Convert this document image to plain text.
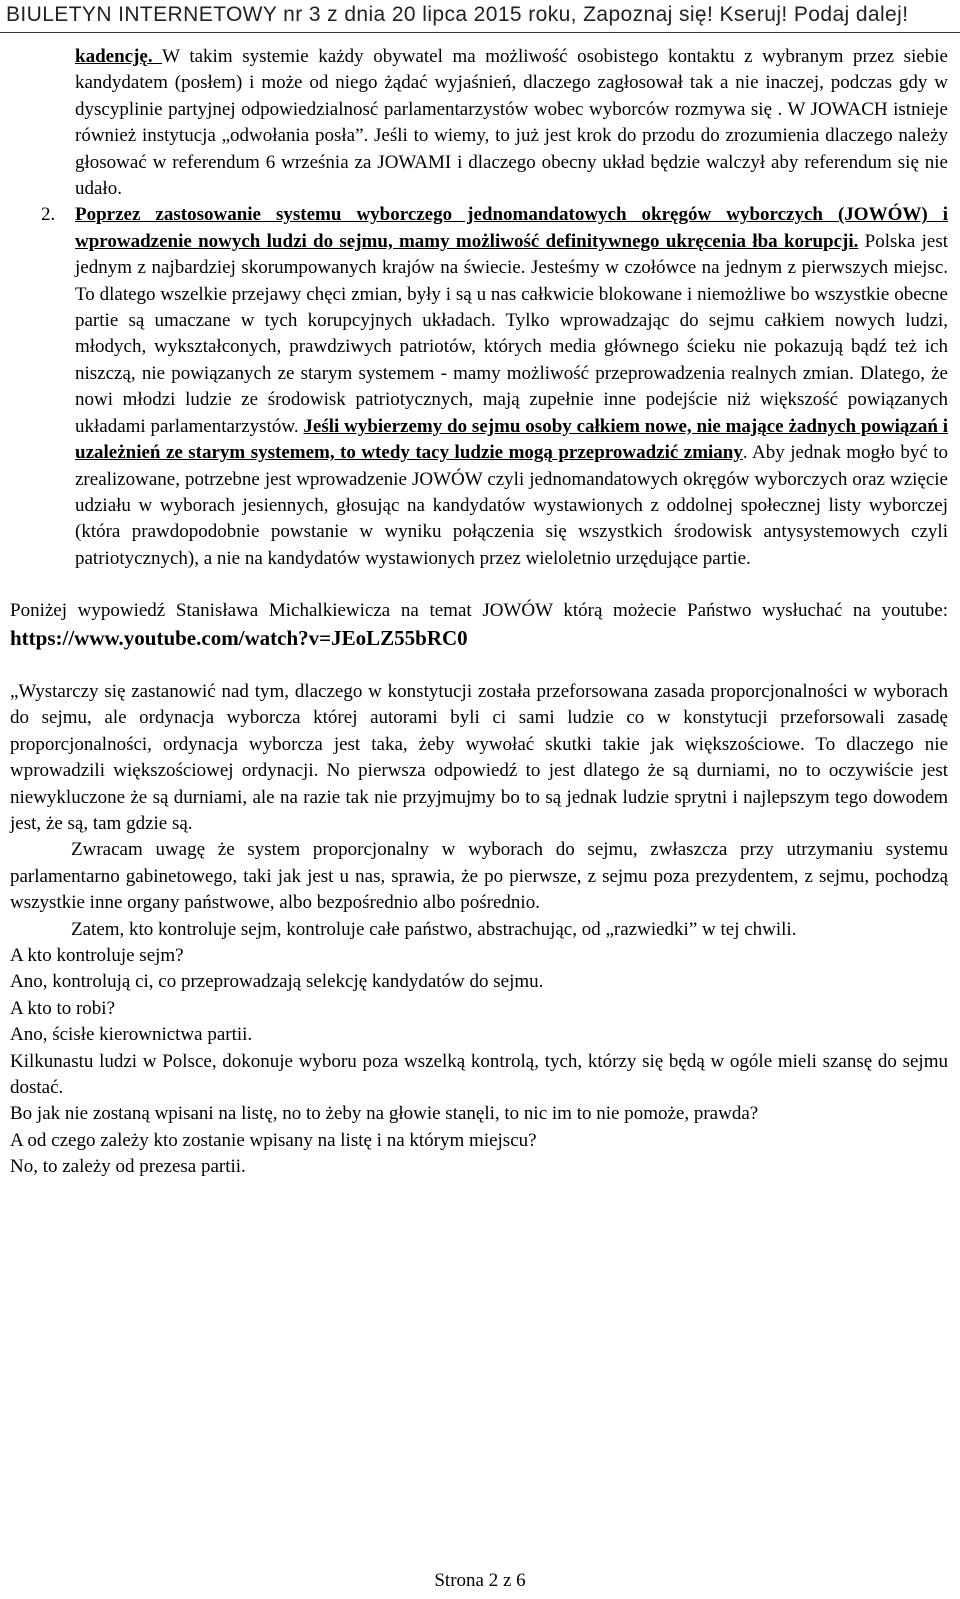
BIULETYN INTERNETOWY nr 3 z dnia 20 lipca 2015 roku, Zapoznaj się! Kseruj! Podaj dalej!

kadencję. W takim systemie każdy obywatel ma możliwość osobistego kontaktu z wybranym przez siebie kandydatem (posłem) i może od niego żądać wyjaśnień, dlaczego zagłosował tak a nie inaczej, podczas gdy w dyscyplinie partyjnej odpowiedzialnosć parlamentarzystów wobec wyborców rozmywa się . W JOWACH istnieje również instytucja „odwołania posła”. Jeśli to wiemy, to już jest krok do przodu do zrozumienia dlaczego należy głosować w referendum 6 września za JOWAMI i dlaczego obecny układ będzie walczył aby referendum się nie udało.

2. Poprzez zastosowanie systemu wyborczego jednomandatowych okręgów wyborczych (JOWÓW) i wprowadzenie nowych ludzi do sejmu, mamy możliwość definitywnego ukręcenia łba korupcji. Polska jest jednym z najbardziej skorumpowanych krajów na świecie. Jesteśmy w czołówce na jednym z pierwszych miejsc. To dlatego wszelkie przejawy chęci zmian, były i są u nas całkwicie blokowane i niemożliwe bo wszystkie obecne partie są umaczane w tych korupcyjnych układach. Tylko wprowadzając do sejmu całkiem nowych ludzi, młodych, wykształconych, prawdziwych patriotów, których media głównego ścieku nie pokazują bądź też ich niszczą, nie powiązanych ze starym systemem - mamy możliwość przeprowadzenia realnych zmian. Dlatego, że nowi młodzi ludzie ze środowisk patriotycznych, mają zupełnie inne podejście niż większość powiązanych układami parlamentarzystów. Jeśli wybierzemy do sejmu osoby całkiem nowe, nie mające żadnych powiązań i uzależnień ze starym systemem, to wtedy tacy ludzie mogą przeprowadzić zmiany. Aby jednak mogło być to zrealizowane, potrzebne jest wprowadzenie JOWÓW czyli jednomandatowych okręgów wyborczych oraz wzięcie udziału w wyborach jesiennych, głosując na kandydatów wystawionych z oddolnej społecznej listy wyborczej (która prawdopodobnie powstanie w wyniku połączenia się wszystkich środowisk antysystemowych czyli patriotycznych), a nie na kandydatów wystawionych przez wieloletnio urzędujące partie.

Poniżej wypowiedź Stanisława Michalkiewicza na temat JOWÓW którą możecie Państwo wysłuchać na youtube: https://www.youtube.com/watch?v=JEoLZ55bRC0

„Wystarczy się zastanowić nad tym, dlaczego w konstytucji została przeforsowana zasada proporcjonalności w wyborach do sejmu, ale ordynacja wyborcza której autorami byli ci sami ludzie co w konstytucji przeforsowali zasadę proporcjonalności, ordynacja wyborcza jest taka, żeby wywołać skutki takie jak większościowe. To dlaczego nie wprowadzili większościowej ordynacji. No pierwsza odpowiedź to jest dlatego że są durniami, no to oczywiście jest niewykluczone że są durniami, ale na razie tak nie przyjmujmy bo to są jednak ludzie sprytni i najlepszym tego dowodem jest, że są, tam gdzie są.

Zwracam uwagę że system proporcjonalny w wyborach do sejmu, zwłaszcza przy utrzymaniu systemu parlamentarno gabinetowego, taki jak jest u nas, sprawia, że po pierwsze, z sejmu poza prezydentem, z sejmu, pochodzą wszystkie inne organy państwowe, albo bezpośrednio albo pośrednio.

Zatem, kto kontroluje sejm, kontroluje całe państwo, abstrachując, od „razwiedki” w tej chwili.

A kto kontroluje sejm?

Ano, kontrolują ci, co przeprowadzają selekcję kandydatów do sejmu.

A kto to robi?

Ano, ścisłe kierownictwa partii.

Kilkunastu ludzi w Polsce, dokonuje wyboru poza wszelką kontrolą, tych, którzy się będą w ogóle mieli szansę do sejmu dostać.

Bo jak nie zostaną wpisani na listę, no to żeby na głowie stanęli, to nic im to nie pomoże, prawda?

A od czego zależy kto zostanie wpisany na listę i na którym miejscu?

No, to zależy od prezesa partii.

Strona 2 z 6
